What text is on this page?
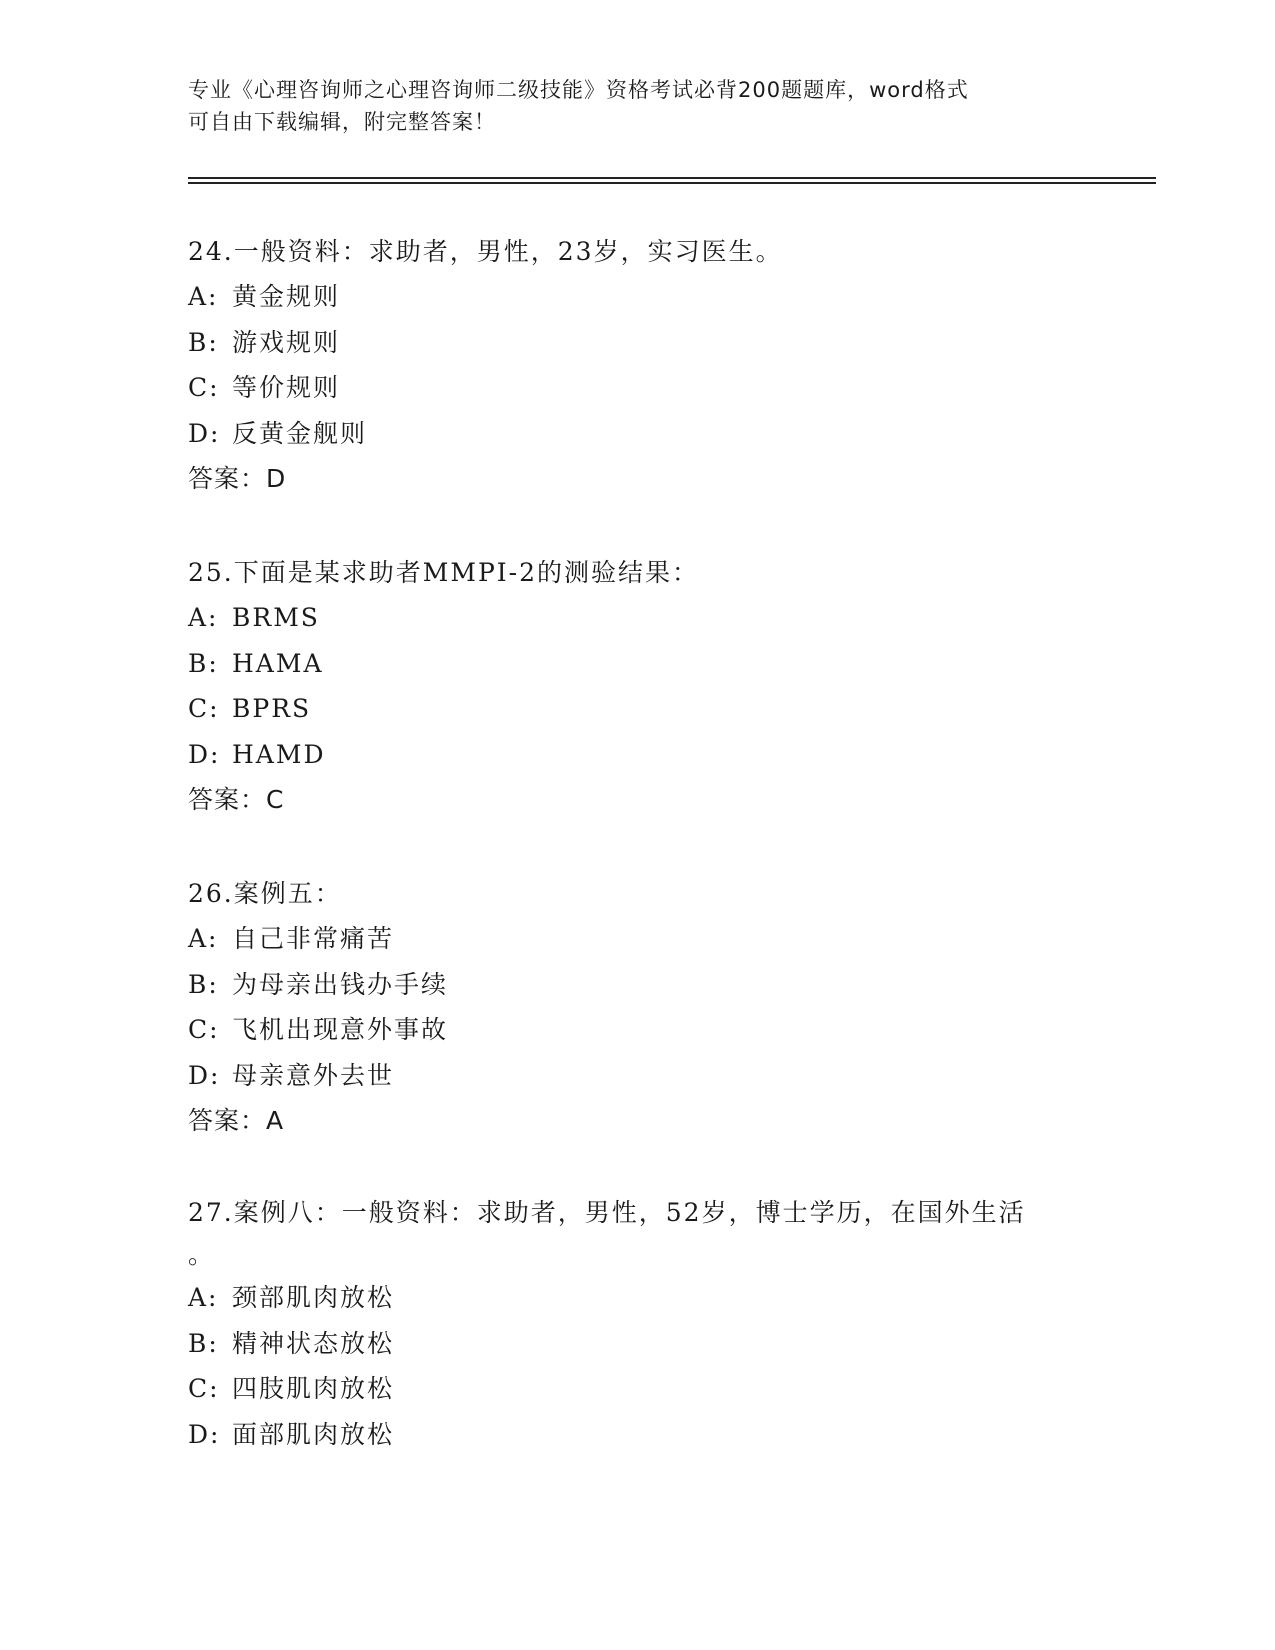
专业《心理咨询师之心理咨询师二级技能》资格考试必背200题题库，word格式
可自由下载编辑，附完整答案！
24.一般资料：求助者，男性，23岁，实习医生。
A: 黄金规则
B: 游戏规则
C: 等价规则
D: 反黄金舰则
答案：D
25.下面是某求助者MMPI-2的测验结果：
A: BRMS
B: HAMA
C: BPRS
D: HAMD
答案：C
26.案例五：
A: 自己非常痛苦
B: 为母亲出钱办手续
C: 飞机出现意外事故
D: 母亲意外去世
答案：A
27.案例八：一般资料：求助者，男性，52岁，博士学历，在国外生活
。
A: 颈部肌肉放松
B: 精神状态放松
C: 四肢肌肉放松
D: 面部肌肉放松
